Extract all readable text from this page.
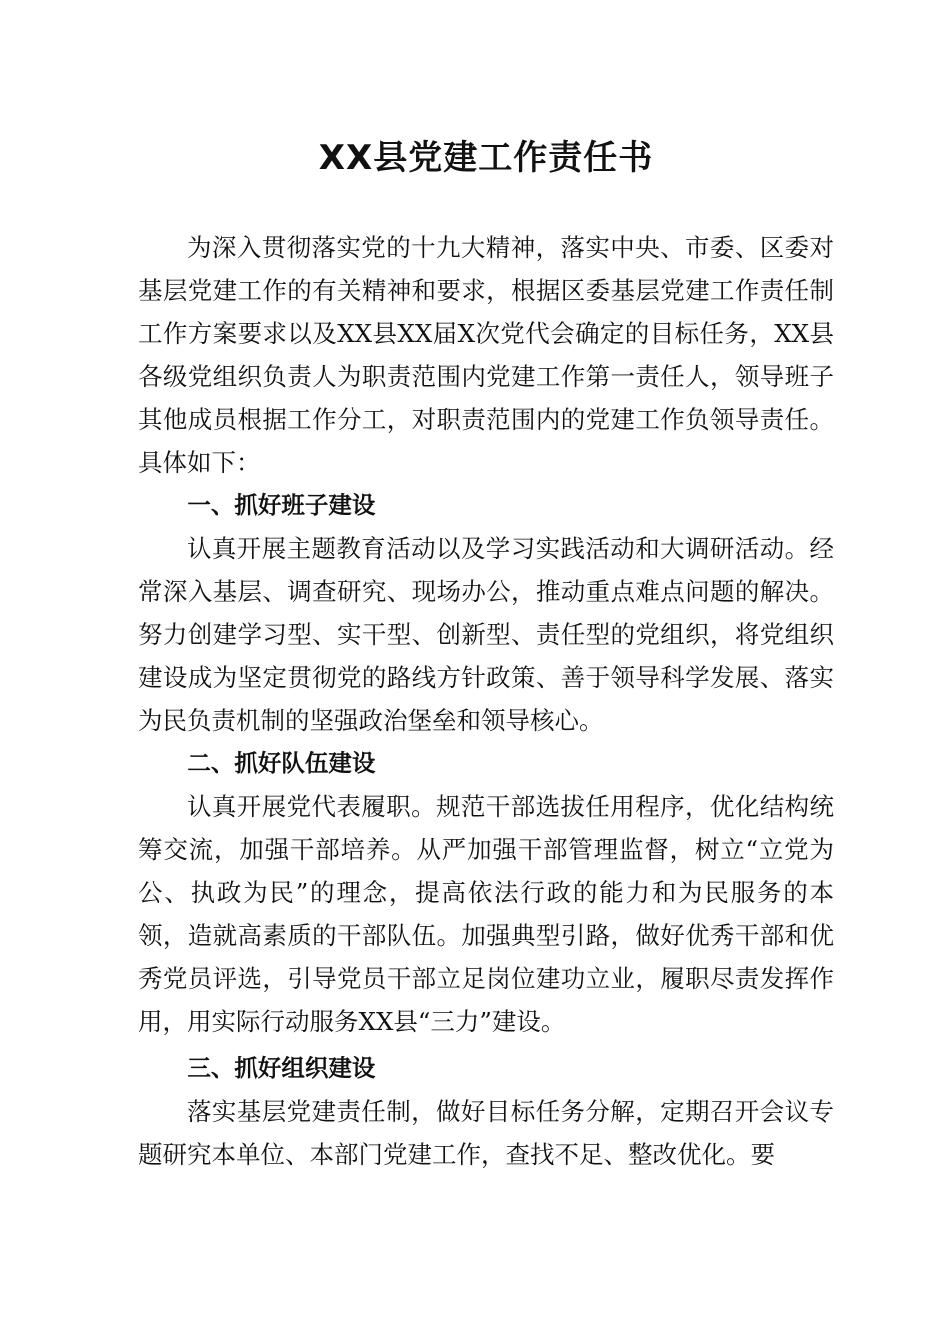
XX县党建工作责任书

为深入贯彻落实党的十九大精神，落实中央、市委、区委对基层党建工作的有关精神和要求，根据区委基层党建工作责任制工作方案要求以及XX县XX届X次党代会确定的目标任务，XX县各级党组织负责人为职责范围内党建工作第一责任人，领导班子其他成员根据工作分工，对职责范围内的党建工作负领导责任。具体如下：

一、抓好班子建设

认真开展主题教育活动以及学习实践活动和大调研活动。经常深入基层、调查研究、现场办公，推动重点难点问题的解决。努力创建学习型、实干型、创新型、责任型的党组织，将党组织建设成为坚定贯彻党的路线方针政策、善于领导科学发展、落实为民负责机制的坚强政治堡垒和领导核心。

二、抓好队伍建设

认真开展党代表履职。规范干部选拔任用程序，优化结构统筹交流，加强干部培养。从严加强干部管理监督，树立“立党为公、执政为民”的理念，提高依法行政的能力和为民服务的本领，造就高素质的干部队伍。加强典型引路，做好优秀干部和优秀党员评选，引导党员干部立足岗位建功立业，履职尽责发挥作用，用实际行动服务XX县“三力”建设。

三、抓好组织建设

落实基层党建责任制，做好目标任务分解，定期召开会议专题研究本单位、本部门党建工作，查找不足、整改优化。要
